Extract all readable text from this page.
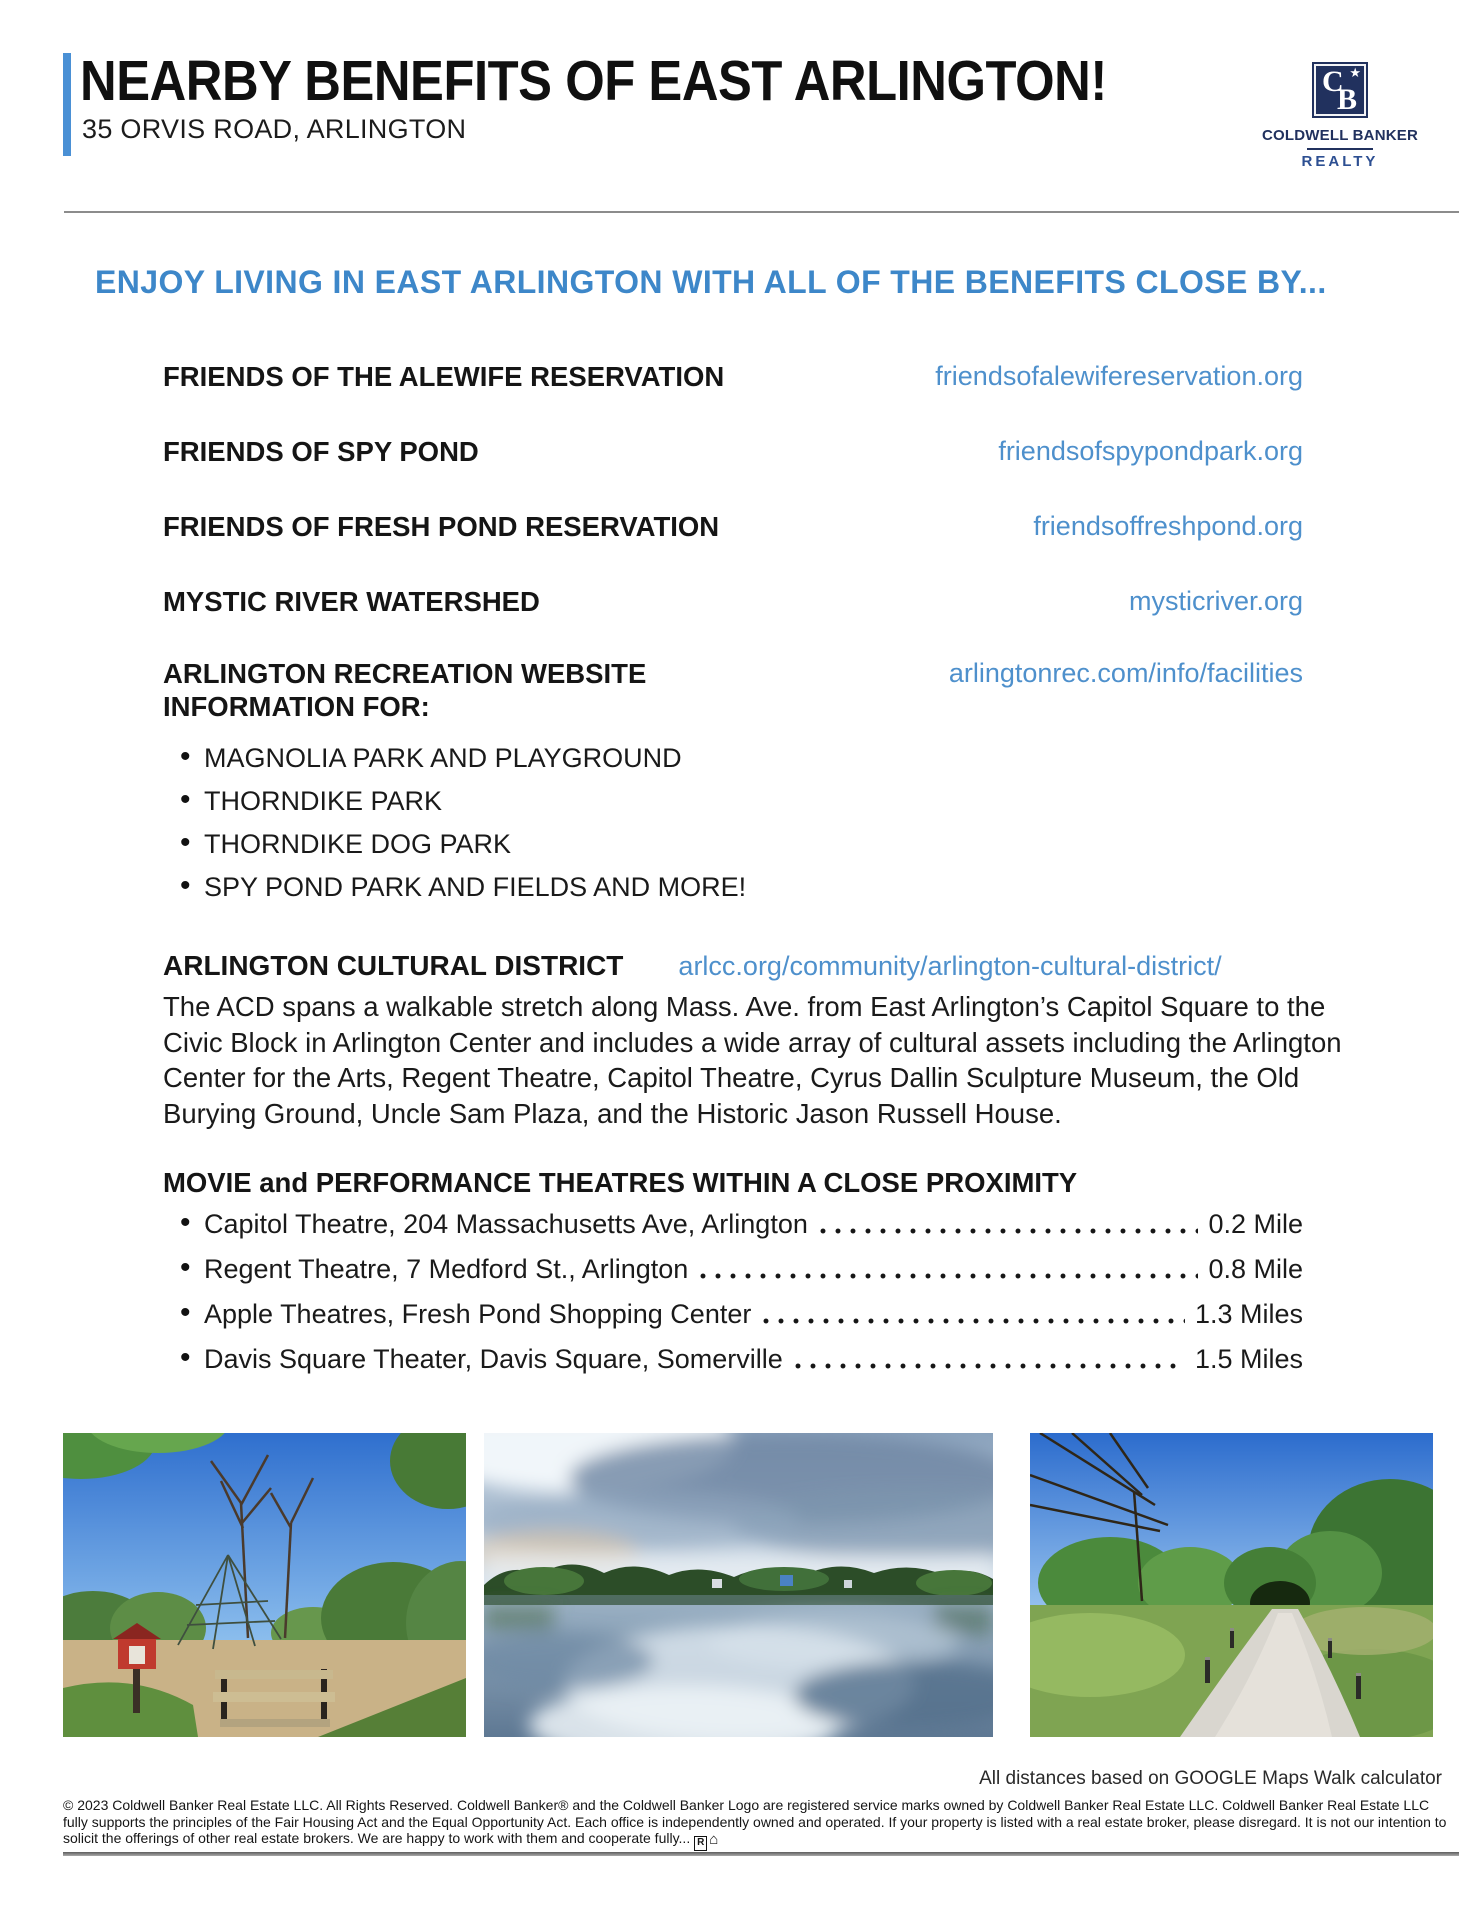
NEARBY BENEFITS OF EAST ARLINGTON!
35 ORVIS ROAD, ARLINGTON
C ★
B
COLDWELL BANKER
REALTY
ENJOY LIVING IN EAST ARLINGTON WITH ALL OF THE BENEFITS CLOSE BY...
FRIENDS OF THE ALEWIFE RESERVATION	friendsofalewifereservation.org
FRIENDS OF SPY POND	friendsofspypondpark.org
FRIENDS OF FRESH POND RESERVATION	friendsoffreshpond.org
MYSTIC RIVER WATERSHED	mysticriver.org
ARLINGTON RECREATION WEBSITE INFORMATION FOR:
arlingtonrec.com/info/facilities
• MAGNOLIA PARK AND PLAYGROUND
• THORNDIKE PARK
• THORNDIKE DOG PARK
• SPY POND PARK AND FIELDS AND MORE!
ARLINGTON CULTURAL DISTRICT arlcc.org/community/arlington-cultural-district/

The ACD spans a walkable stretch along Mass. Ave. from East Arlington’s Capitol Square to the Civic Block in Arlington Center and includes a wide array of cultural assets including the Arlington Center for the Arts, Regent Theatre, Capitol Theatre, Cyrus Dallin Sculpture Museum, the Old Burying Ground, Uncle Sam Plaza, and the Historic Jason Russell House.

MOVIE and PERFORMANCE THEATRES WITHIN A CLOSE PROXIMITY
• Capitol Theatre, 204 Massachusetts Ave, Arlington	0.2 Mile
• Regent Theatre, 7 Medford St., Arlington	0.8 Mile
• Apple Theatres, Fresh Pond Shopping Center	1.3 Miles
• Davis Square Theater, Davis Square, Somerville	1.5 Miles
All distances based on GOOGLE Maps Walk calculator

© 2023 Coldwell Banker Real Estate LLC. All Rights Reserved. Coldwell Banker® and the Coldwell Banker Logo are registered service marks owned by Coldwell Banker Real Estate LLC. Coldwell Banker Real Estate LLC fully supports the principles of the Fair Housing Act and the Equal Opportunity Act. Each office is independently owned and operated. If your property is listed with a real estate broker, please disregard. It is not our intention to solicit the offerings of other real estate brokers. We are happy to work with them and cooperate fully... R ⌂
